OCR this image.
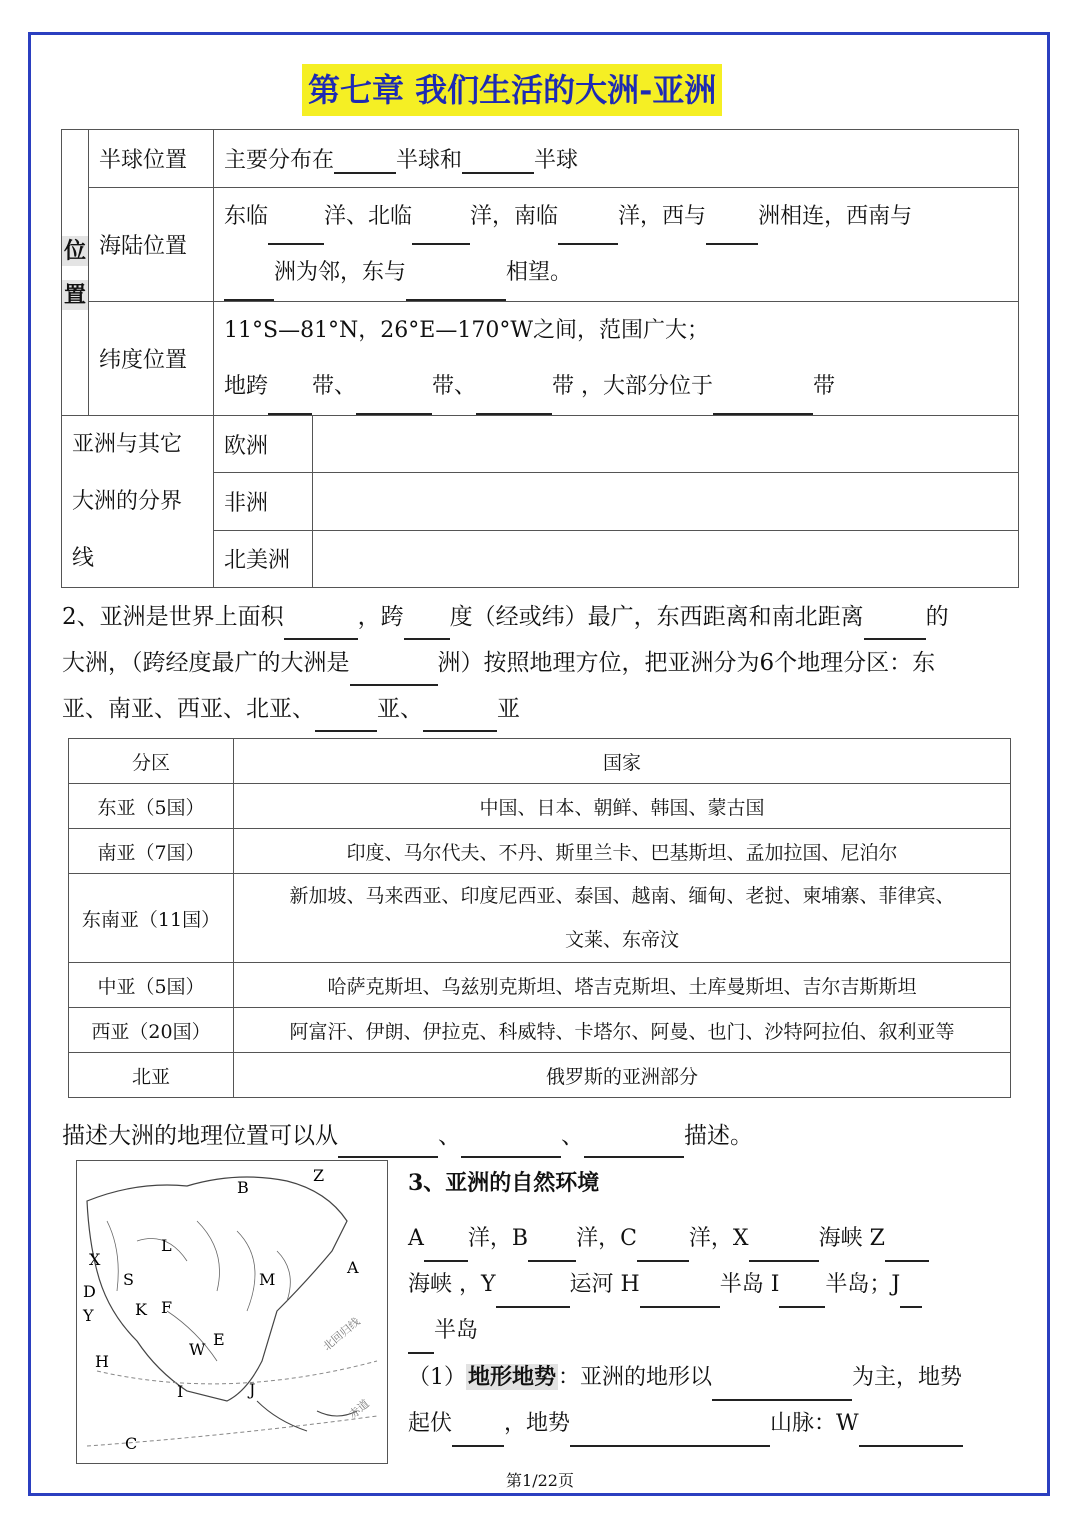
第七章 我们生活的大洲-亚洲
位
置	半球位置	主要分布在 半球和 半球	
	海陆位置	东临 洋、北临 洋，南临 洋，西与 洲相连，西南与
洲为邻，东与 相望。	
	纬度位置	11°S—81°N，26°E—170°W之间，范围广大；
地跨 带、 带、 带 ，大部分位于 带	
亚洲与其它
大洲的分界
线		欧洲	
		非洲	
		北美洲	
2、亚洲是世界上面积	，跨 度（经或纬）最广，东西距离和南北距离	的
大洲，（跨经度最广的大洲是	洲）按照地理方位，把亚洲分为6个地理分区：东
亚、南亚、西亚、北亚、	亚、	亚
分区	国家
东亚（5国）	中国、日本、朝鲜、韩国、蒙古国
南亚（7国）	印度、马尔代夫、不丹、斯里兰卡、巴基斯坦、孟加拉国、尼泊尔
东南亚（11国）	新加坡、马来西亚、印度尼西亚、泰国、越南、缅甸、老挝、柬埔寨、菲律宾、
文莱、东帝汶
中亚（5国）	哈萨克斯坦、乌兹别克斯坦、塔吉克斯坦、土库曼斯坦、吉尔吉斯斯坦
西亚（20国）	阿富汗、伊朗、伊拉克、科威特、卡塔尔、阿曼、也门、沙特阿拉伯、叙利亚等
北亚	俄罗斯的亚洲部分
描述大洲的地理位置可以从	、	、	描述。
B
Z
L
X
S
D
Y	K F
M
A
H
W
E
J
I
C
北回归线
赤道
3、亚洲的自然环境
A 洋，B 洋，C 洋，X	海峡 Z
海峡 ，Y	运河 H	半岛 I 半岛；J
半岛
（1）地形地势：亚洲的地形以	为主，地势
起伏 ，地势	山脉：W
第1/22页
